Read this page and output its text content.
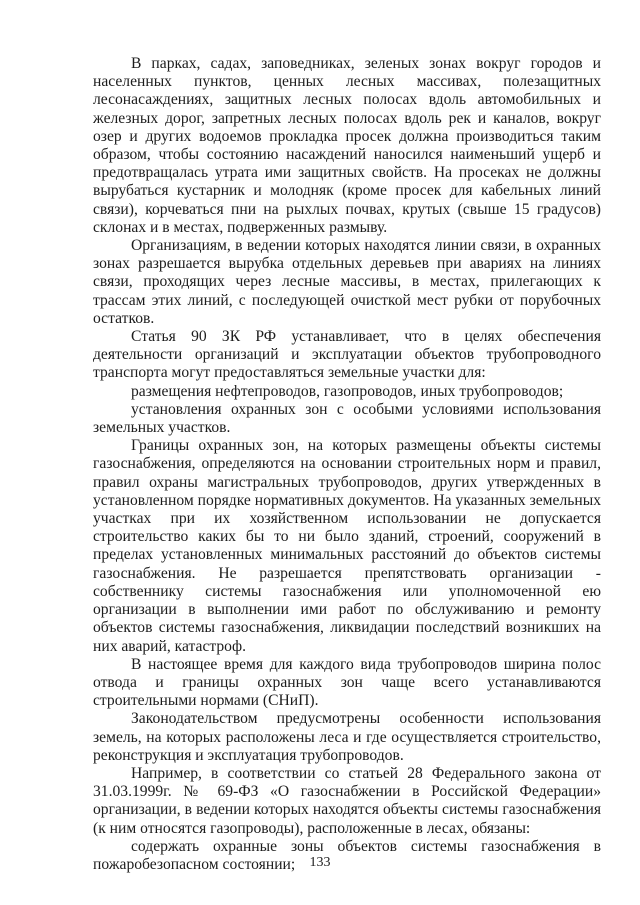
В парках, садах, заповедниках, зеленых зонах вокруг городов и населенных пунктов, ценных лесных массивах, полезащитных лесонасаждениях, защитных лесных полосах вдоль автомобильных и железных дорог, запретных лесных полосах вдоль рек и каналов, вокруг озер и других водоемов прокладка просек должна производиться таким образом, чтобы состоянию насаждений наносился наименьший ущерб и предотвращалась утрата ими защитных свойств. На просеках не должны вырубаться кустарник и молодняк (кроме просек для кабельных линий связи), корчеваться пни на рыхлых почвах, крутых (свыше 15 градусов) склонах и в местах, подверженных размыву.

Организациям, в ведении которых находятся линии связи, в охранных зонах разрешается вырубка отдельных деревьев при авариях на линиях связи, проходящих через лесные массивы, в местах, прилегающих к трассам этих линий, с последующей очисткой мест рубки от порубочных остатков.

Статья 90 ЗК РФ устанавливает, что в целях обеспечения деятельности организаций и эксплуатации объектов трубопроводного транспорта могут предоставляться земельные участки для:

размещения нефтепроводов, газопроводов, иных трубопроводов;

установления охранных зон с особыми условиями использования земельных участков.

Границы охранных зон, на которых размещены объекты системы газоснабжения, определяются на основании строительных норм и правил, правил охраны магистральных трубопроводов, других утвержденных в установленном порядке нормативных документов. На указанных земельных участках при их хозяйственном использовании не допускается строительство каких бы то ни было зданий, строений, сооружений в пределах установленных минимальных расстояний до объектов системы газоснабжения. Не разрешается препятствовать организации - собственнику системы газоснабжения или уполномоченной ею организации в выполнении ими работ по обслуживанию и ремонту объектов системы газоснабжения, ликвидации последствий возникших на них аварий, катастроф.

В настоящее время для каждого вида трубопроводов ширина полос отвода и границы охранных зон чаще всего устанавливаются строительными нормами (СНиП).

Законодательством предусмотрены особенности использования земель, на которых расположены леса и где осуществляется строительство, реконструкция и эксплуатация трубопроводов.

Например, в соответствии со статьей 28 Федерального закона от 31.03.1999г. № 69-ФЗ «О газоснабжении в Российской Федерации» организации, в ведении которых находятся объекты системы газоснабжения (к ним относятся газопроводы), расположенные в лесах, обязаны:

содержать охранные зоны объектов системы газоснабжения в пожаробезопасном состоянии;	133
